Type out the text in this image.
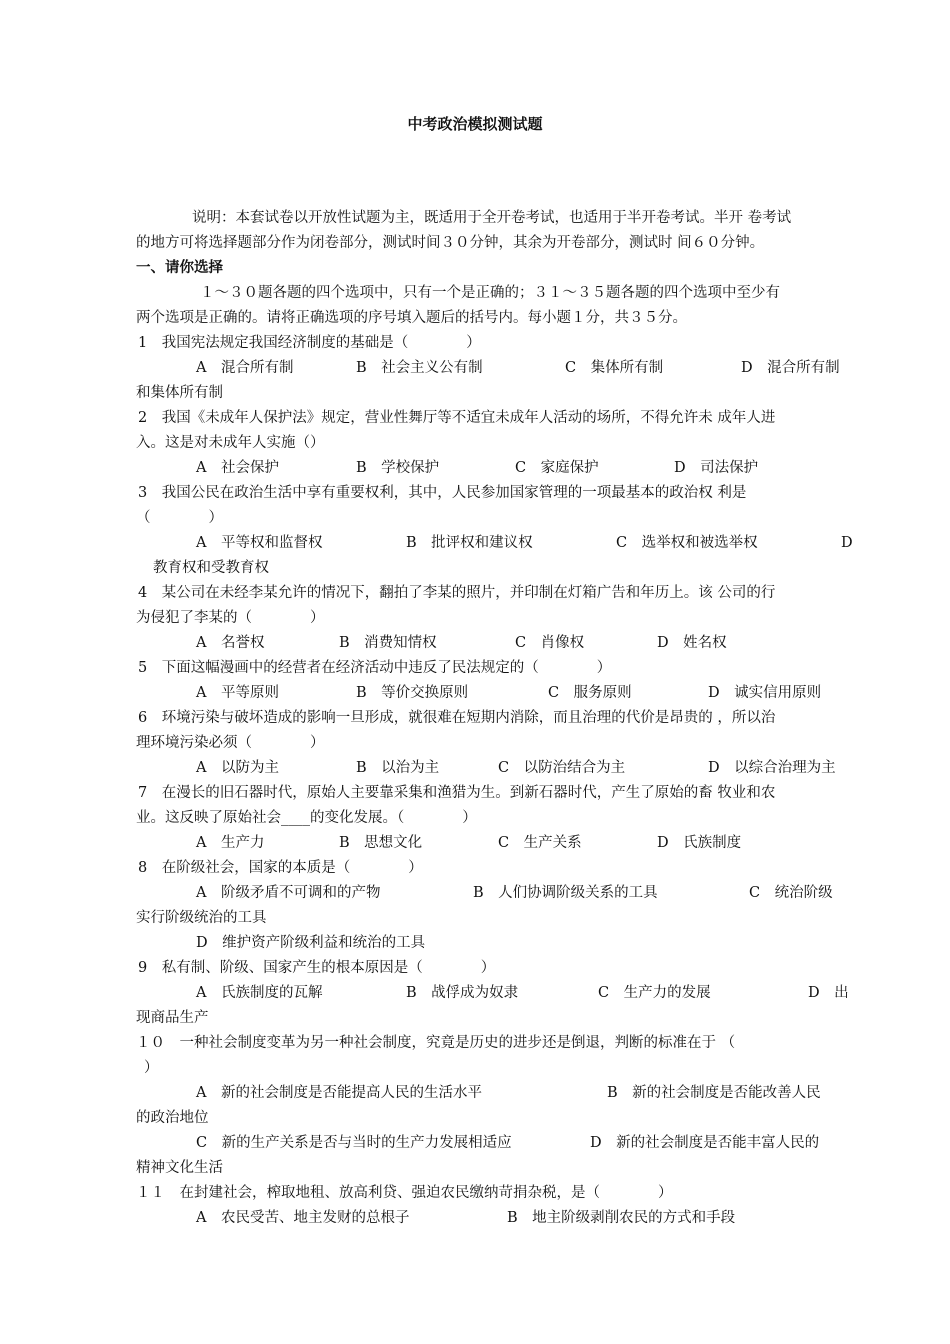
中考政治模拟测试题
说明：本套试卷以开放性试题为主，既适用于全开卷考试，也适用于半开卷考试。半开 卷考试
的地方可将选择题部分作为闭卷部分，测试时间３０分钟，其余为开卷部分，测试时 间６０分钟。
一、请你选择
１～３０题各题的四个选项中，只有一个是正确的；３１～３５题各题的四个选项中至少有
两个选项是正确的。请将正确选项的序号填入题后的括号内。每小题１分，共３５分。
1　我国宪法规定我国经济制度的基础是（　　　　）
A　混合所有制	B　社会主义公有制	C　集体所有制	D　混合所有制
和集体所有制
2　我国《未成年人保护法》规定，营业性舞厅等不适宜未成年人活动的场所，不得允许未 成年人进
入。这是对未成年人实施（）
A　社会保护	B　学校保护	C　家庭保护	D　司法保护
3　我国公民在政治生活中享有重要权利，其中，人民参加国家管理的一项最基本的政治权 利是
（　　　　）
A　平等权和监督权	B　批评权和建议权	C　选举权和被选举权	D
教育权和受教育权
4　某公司在未经李某允许的情况下，翻拍了李某的照片，并印制在灯箱广告和年历上。该 公司的行
为侵犯了李某的（　　　　）
A　名誉权	B　消费知情权	C　肖像权	D　姓名权
5　下面这幅漫画中的经营者在经济活动中违反了民法规定的（　　　　）
A　平等原则	B　等价交换原则	C　服务原则	D　诚实信用原则
6　环境污染与破坏造成的影响一旦形成，就很难在短期内消除，而且治理的代价是昂贵的 ，所以治
理环境污染必须（　　　　）
A　以防为主	B　以治为主	C　以防治结合为主	D　以综合治理为主
7　在漫长的旧石器时代，原始人主要靠采集和渔猎为生。到新石器时代，产生了原始的畜 牧业和农
业。这反映了原始社会____的变化发展。（　　　　）
A　生产力	B　思想文化	C　生产关系	D　氏族制度
8　在阶级社会，国家的本质是（　　　　）
A　阶级矛盾不可调和的产物	B　人们协调阶级关系的工具	C　统治阶级
实行阶级统治的工具
D　维护资产阶级利益和统治的工具
9　私有制、阶级、国家产生的根本原因是（　　　　）
A　氏族制度的瓦解	B　战俘成为奴隶	C　生产力的发展	D　出
现商品生产
１０　一种社会制度变革为另一种社会制度，究竟是历史的进步还是倒退，判断的标准在于 （
）
A　新的社会制度是否能提高人民的生活水平	B　新的社会制度是否能改善人民
的政治地位
C　新的生产关系是否与当时的生产力发展相适应	D　新的社会制度是否能丰富人民的
精神文化生活
１１　在封建社会，榨取地租、放高利贷、强迫农民缴纳苛捐杂税，是（　　　　）
A　农民受苦、地主发财的总根子	B　地主阶级剥削农民的方式和手段
